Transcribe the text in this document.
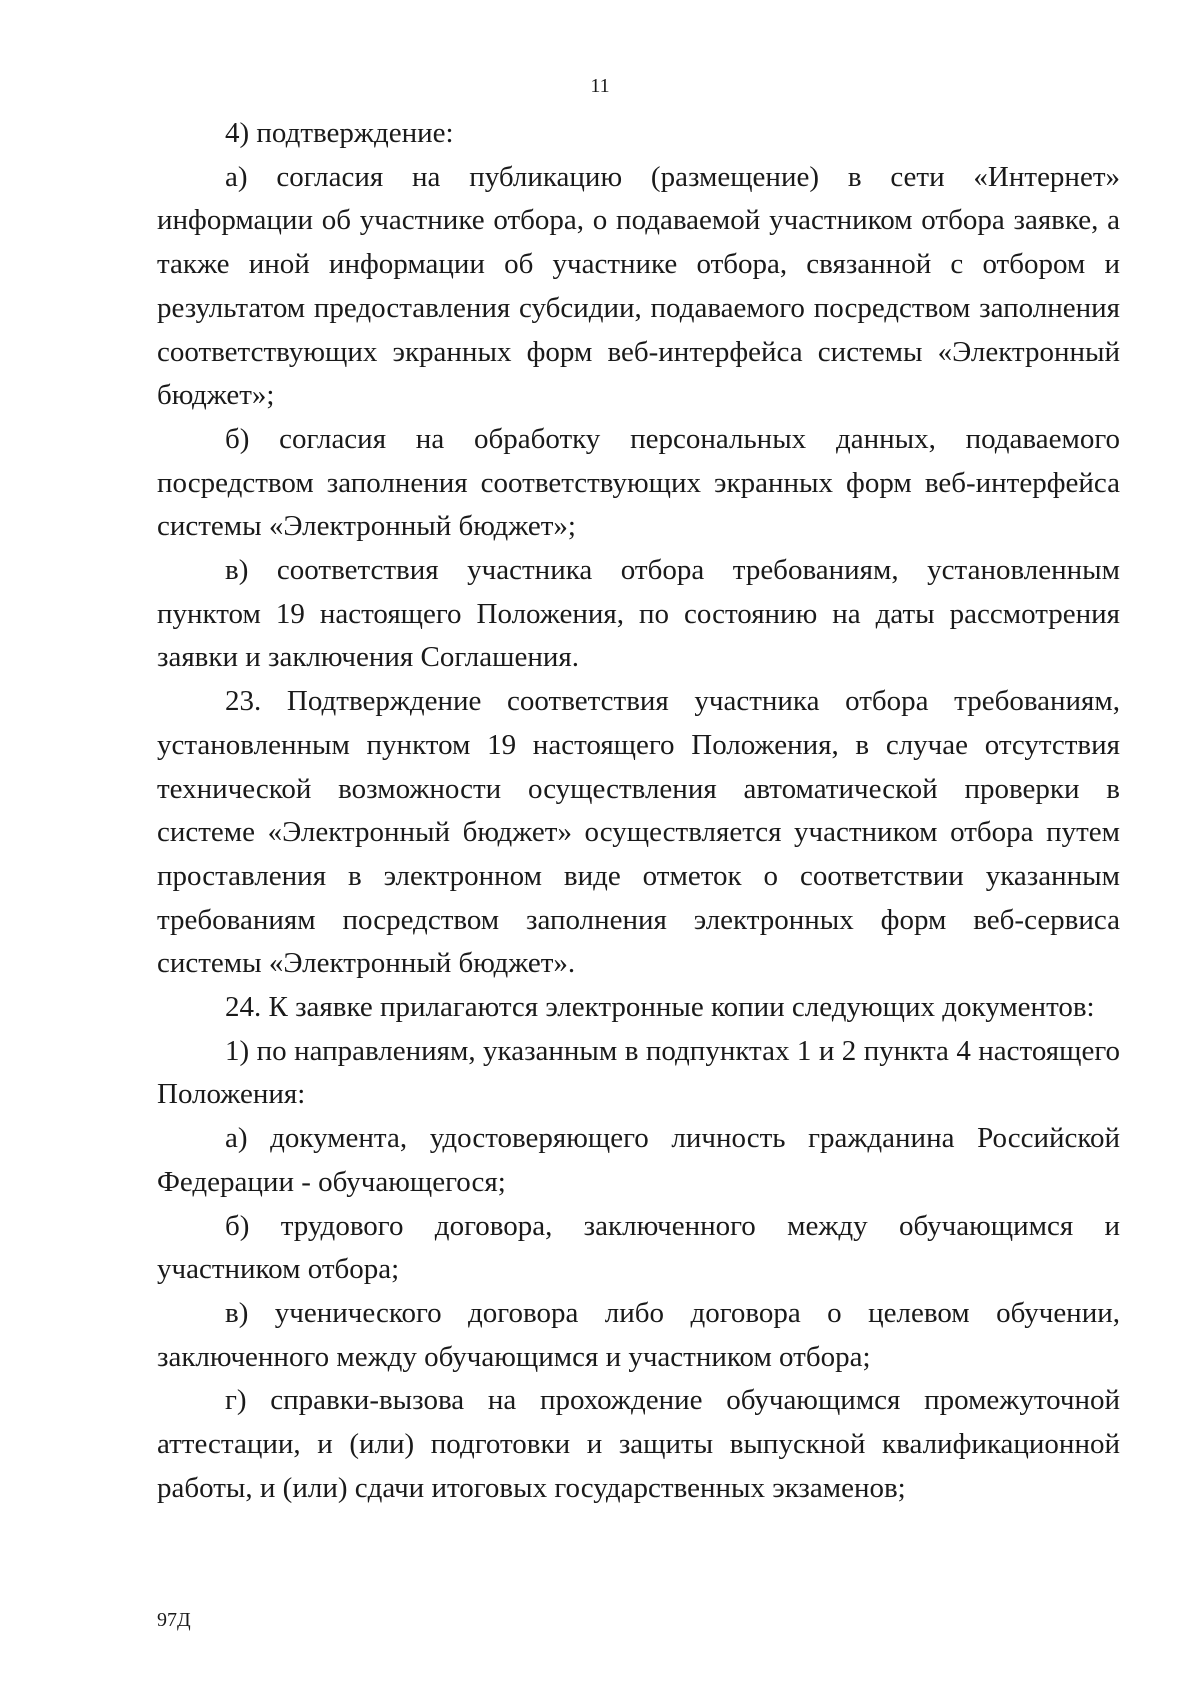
11

4) подтверждение:

а) согласия на публикацию (размещение) в сети «Интернет» информации об участнике отбора, о подаваемой участником отбора заявке, а также иной информации об участнике отбора, связанной с отбором и результатом предоставления субсидии, подаваемого посредством заполнения соответствующих экранных форм веб-интерфейса системы «Электронный бюджет»;

б) согласия на обработку персональных данных, подаваемого посредством заполнения соответствующих экранных форм веб-интерфейса системы «Электронный бюджет»;

в) соответствия участника отбора требованиям, установленным пунктом 19 настоящего Положения, по состоянию на даты рассмотрения заявки и заключения Соглашения.

23. Подтверждение соответствия участника отбора требованиям, установленным пунктом 19 настоящего Положения, в случае отсутствия технической возможности осуществления автоматической проверки в системе «Электронный бюджет» осуществляется участником отбора путем проставления в электронном виде отметок о соответствии указанным требованиям посредством заполнения электронных форм веб-сервиса системы «Электронный бюджет».

24. К заявке прилагаются электронные копии следующих документов:

1) по направлениям, указанным в подпунктах 1 и 2 пункта 4 настоящего Положения:

а) документа, удостоверяющего личность гражданина Российской Федерации - обучающегося;

б) трудового договора, заключенного между обучающимся и участником отбора;

в) ученического договора либо договора о целевом обучении, заключенного между обучающимся и участником отбора;

г) справки-вызова на прохождение обучающимся промежуточной аттестации, и (или) подготовки и защиты выпускной квалификационной работы, и (или) сдачи итоговых государственных экзаменов;

97Д
